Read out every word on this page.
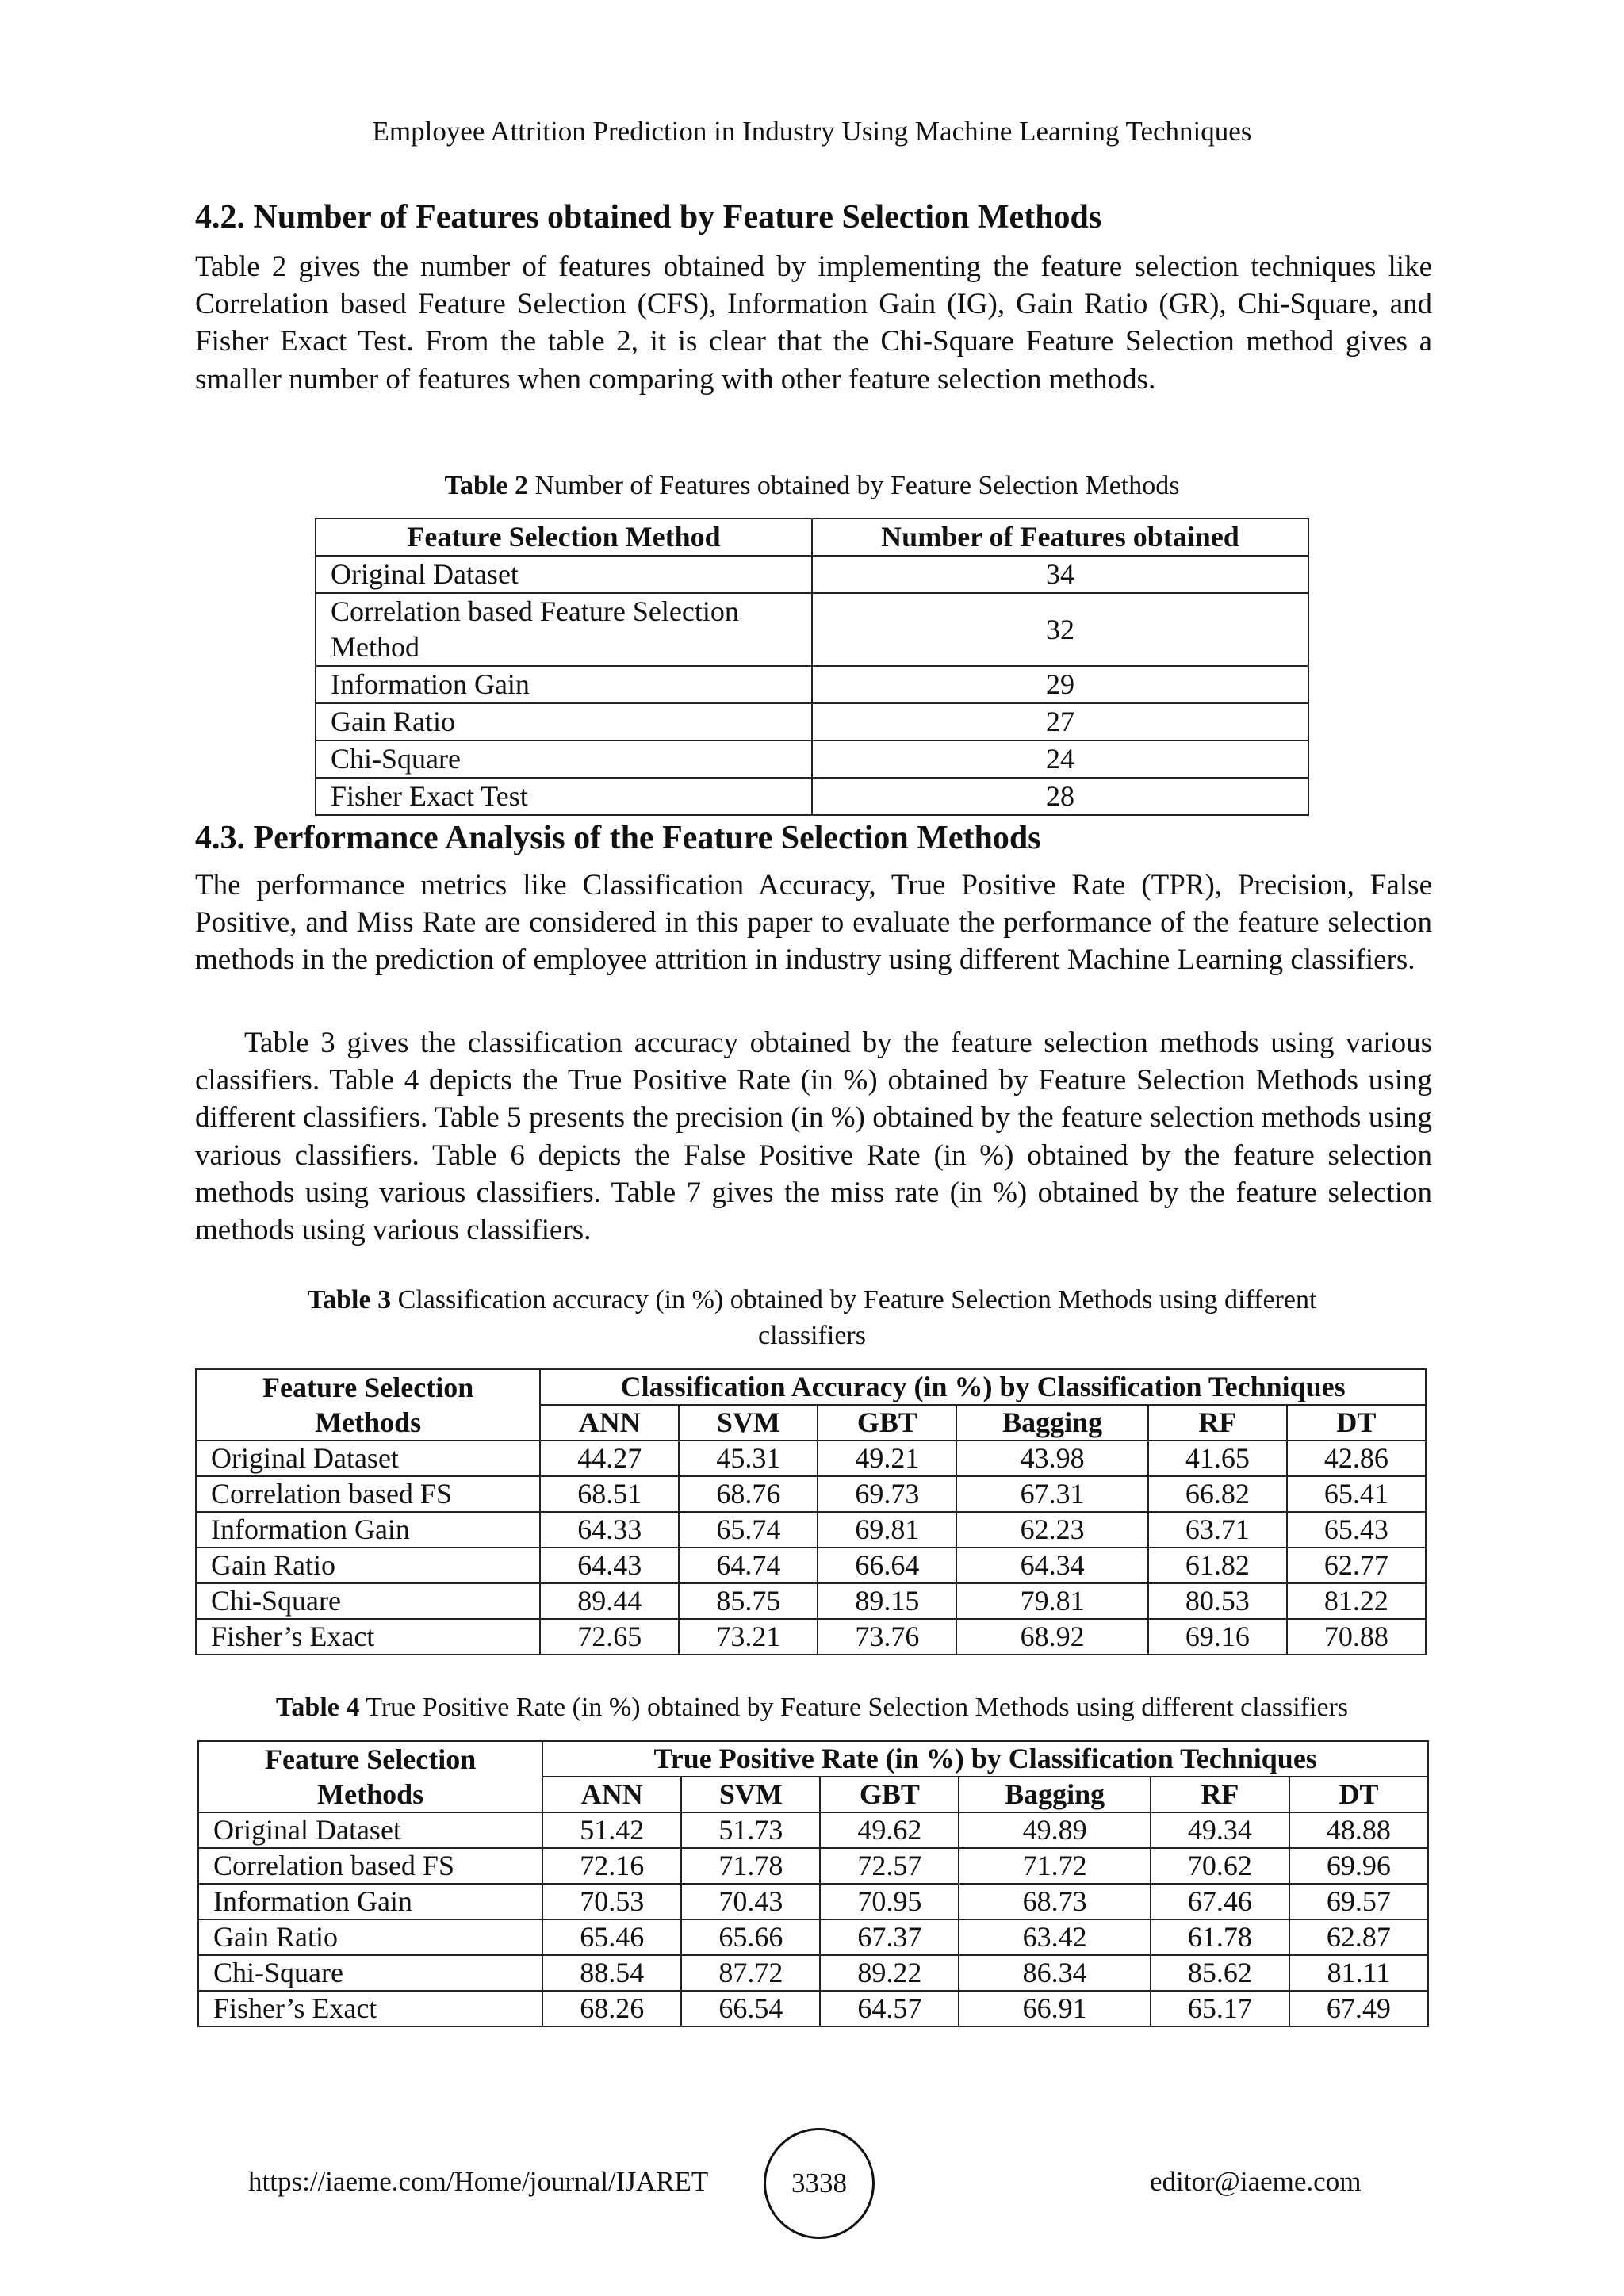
Employee Attrition Prediction in Industry Using Machine Learning Techniques
4.2. Number of Features obtained by Feature Selection Methods

Table 2 gives the number of features obtained by implementing the feature selection techniques like Correlation based Feature Selection (CFS), Information Gain (IG), Gain Ratio (GR), Chi-Square, and Fisher Exact Test. From the table 2, it is clear that the Chi-Square Feature Selection method gives a smaller number of features when comparing with other feature selection methods.

Table 2 Number of Features obtained by Feature Selection Methods
Feature Selection Method	Number of Features obtained
Original Dataset	34
Correlation based Feature Selection Method	32
Information Gain	29
Gain Ratio	27
Chi-Square	24
Fisher Exact Test	28
4.3. Performance Analysis of the Feature Selection Methods

The performance metrics like Classification Accuracy, True Positive Rate (TPR), Precision, False Positive, and Miss Rate are considered in this paper to evaluate the performance of the feature selection methods in the prediction of employee attrition in industry using different Machine Learning classifiers.

Table 3 gives the classification accuracy obtained by the feature selection methods using various classifiers. Table 4 depicts the True Positive Rate (in %) obtained by Feature Selection Methods using different classifiers. Table 5 presents the precision (in %) obtained by the feature selection methods using various classifiers. Table 6 depicts the False Positive Rate (in %) obtained by the feature selection methods using various classifiers. Table 7 gives the miss rate (in %) obtained by the feature selection methods using various classifiers.

Table 3 Classification accuracy (in %) obtained by Feature Selection Methods using different
classifiers
Feature Selection Methods	Classification Accuracy (in %) by Classification Techniques					
	ANN	SVM	GBT	Bagging	RF	DT
Original Dataset	44.27	45.31	49.21	43.98	41.65	42.86
Correlation based FS	68.51	68.76	69.73	67.31	66.82	65.41
Information Gain	64.33	65.74	69.81	62.23	63.71	65.43
Gain Ratio	64.43	64.74	66.64	64.34	61.82	62.77
Chi-Square	89.44	85.75	89.15	79.81	80.53	81.22
Fisher’s Exact	72.65	73.21	73.76	68.92	69.16	70.88
Table 4 True Positive Rate (in %) obtained by Feature Selection Methods using different classifiers
Feature Selection Methods	True Positive Rate (in %) by Classification Techniques					
	ANN	SVM	GBT	Bagging	RF	DT
Original Dataset	51.42	51.73	49.62	49.89	49.34	48.88
Correlation based FS	72.16	71.78	72.57	71.72	70.62	69.96
Information Gain	70.53	70.43	70.95	68.73	67.46	69.57
Gain Ratio	65.46	65.66	67.37	63.42	61.78	62.87
Chi-Square	88.54	87.72	89.22	86.34	85.62	81.11
Fisher’s Exact	68.26	66.54	64.57	66.91	65.17	67.49
https://iaeme.com/Home/journal/IJARET	3338	editor@iaeme.com
